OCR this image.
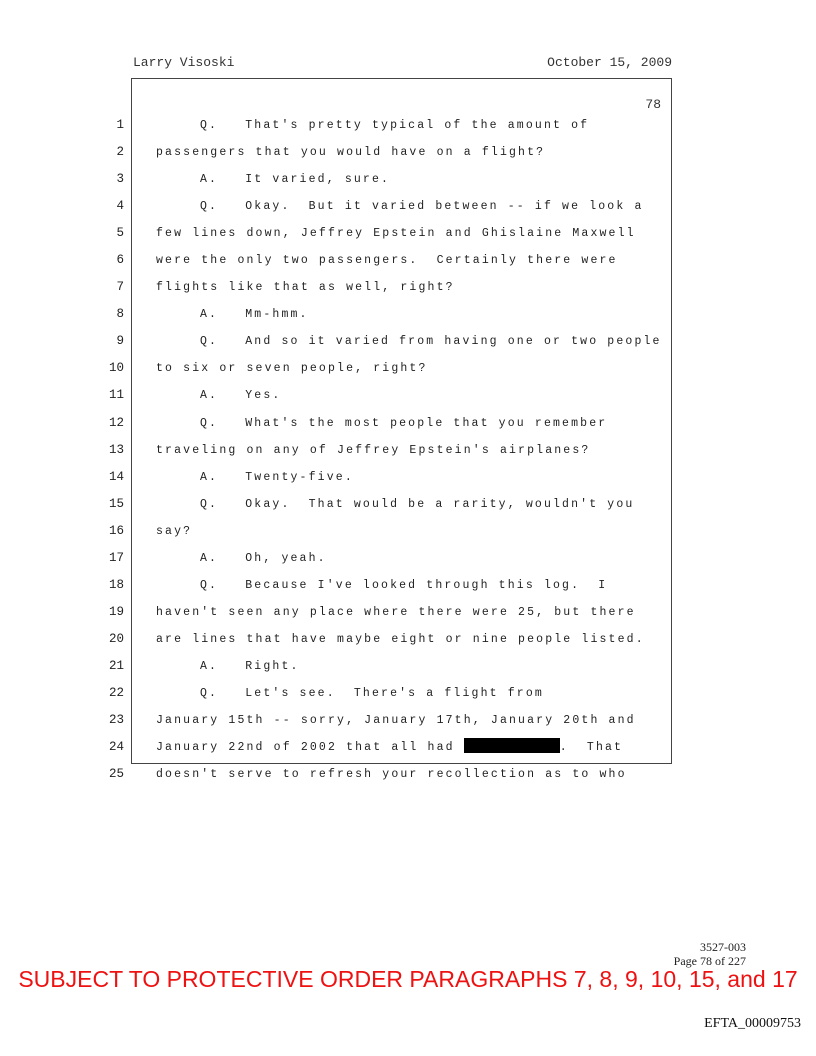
Larry Visoski	October 15, 2009
78
1
2
3
4
5
6
7
8
9
10
11
12
13
14
15
16
17
18
19
20
21
22
23
24
25
Q.   That's pretty typical of the amount of
passengers that you would have on a flight?
A.   It varied, sure.
Q.   Okay.  But it varied between -- if we look a
few lines down, Jeffrey Epstein and Ghislaine Maxwell
were the only two passengers.  Certainly there were
flights like that as well, right?
A.   Mm-hmm.
Q.   And so it varied from having one or two people
to six or seven people, right?
A.   Yes.
Q.   What's the most people that you remember
traveling on any of Jeffrey Epstein's airplanes?
A.   Twenty-five.
Q.   Okay.  That would be a rarity, wouldn't you
say?
A.   Oh, yeah.
Q.   Because I've looked through this log.  I
haven't seen any place where there were 25, but there
are lines that have maybe eight or nine people listed.
A.   Right.
Q.   Let's see.  There's a flight from
January 15th -- sorry, January 17th, January 20th and
January 22nd of 2002 that all had	.  That
doesn't serve to refresh your recollection as to who
3527-003
Page 78 of 227
SUBJECT TO PROTECTIVE ORDER PARAGRAPHS 7, 8, 9, 10, 15, and 17
EFTA_00009753
